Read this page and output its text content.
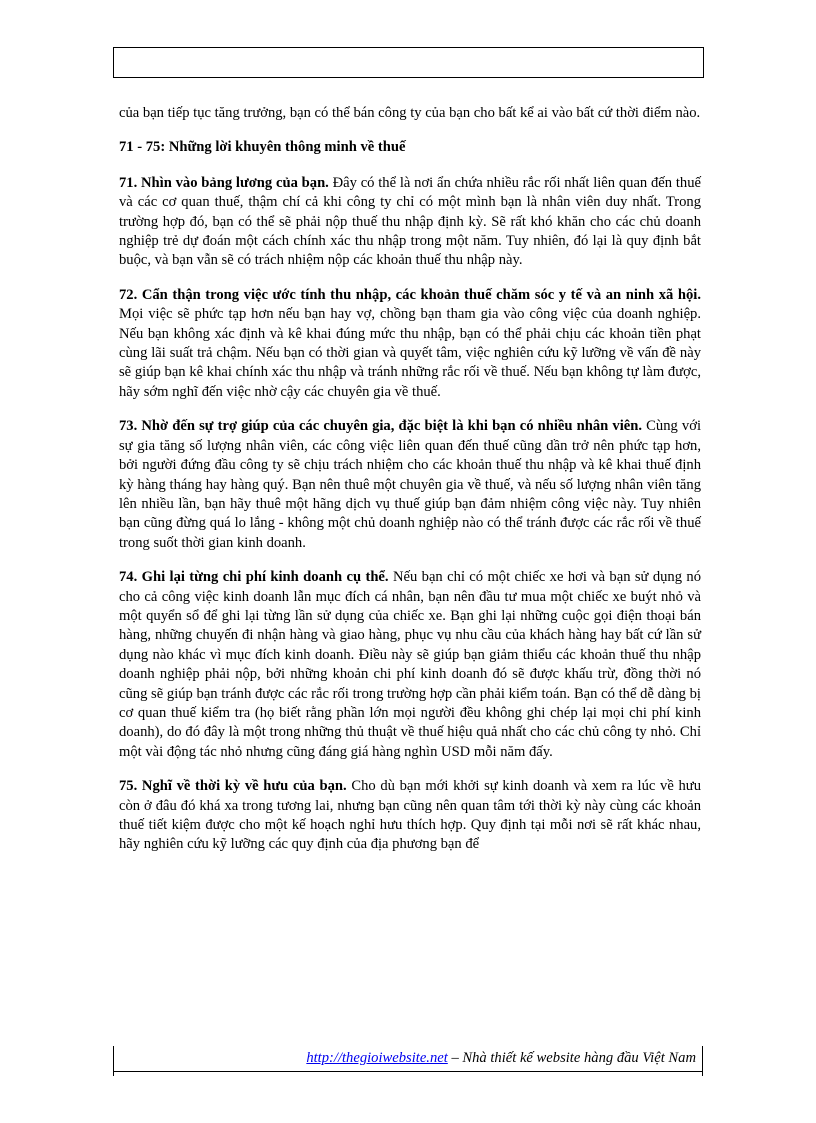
của bạn tiếp tục tăng trưởng, bạn có thể bán công ty của bạn cho bất kể ai vào bất cứ thời điểm nào.

71 - 75: Những lời khuyên thông minh về thuế

71. Nhìn vào bảng lương của bạn. Đây có thể là nơi ẩn chứa nhiều rắc rối nhất liên quan đến thuế và các cơ quan thuế, thậm chí cả khi công ty chỉ có một mình bạn là nhân viên duy nhất. Trong trường hợp đó, bạn có thể sẽ phải nộp thuế thu nhập định kỳ. Sẽ rất khó khăn cho các chủ doanh nghiệp trẻ dự đoán một cách chính xác thu nhập trong một năm. Tuy nhiên, đó lại là quy định bắt buộc, và bạn vẫn sẽ có trách nhiệm nộp các khoản thuế thu nhập này.

72. Cẩn thận trong việc ước tính thu nhập, các khoản thuế chăm sóc y tế và an ninh xã hội. Mọi việc sẽ phức tạp hơn nếu bạn hay vợ, chồng bạn tham gia vào công việc của doanh nghiệp. Nếu bạn không xác định và kê khai đúng mức thu nhập, bạn có thể phải chịu các khoản tiền phạt cùng lãi suất trả chậm. Nếu bạn có thời gian và quyết tâm, việc nghiên cứu kỹ lưỡng về vấn đề này sẽ giúp bạn kê khai chính xác thu nhập và tránh những rắc rối về thuế. Nếu bạn không tự làm được, hãy sớm nghĩ đến việc nhờ cậy các chuyên gia về thuế.

73. Nhờ đến sự trợ giúp của các chuyên gia, đặc biệt là khi bạn có nhiều nhân viên. Cùng với sự gia tăng số lượng nhân viên, các công việc liên quan đến thuế cũng dần trở nên phức tạp hơn, bởi người đứng đầu công ty sẽ chịu trách nhiệm cho các khoản thuế thu nhập và kê khai thuế định kỳ hàng tháng hay hàng quý. Bạn nên thuê một chuyên gia về thuế, và nếu số lượng nhân viên tăng lên nhiều lần, bạn hãy thuê một hãng dịch vụ thuế giúp bạn đảm nhiệm công việc này. Tuy nhiên bạn cũng đừng quá lo lắng - không một chủ doanh nghiệp nào có thể tránh được các rắc rối về thuế trong suốt thời gian kinh doanh.

74. Ghi lại từng chi phí kinh doanh cụ thể. Nếu bạn chỉ có một chiếc xe hơi và bạn sử dụng nó cho cả công việc kinh doanh lẫn mục đích cá nhân, bạn nên đầu tư mua một chiếc xe buýt nhỏ và một quyển sổ để ghi lại từng lần sử dụng của chiếc xe. Bạn ghi lại những cuộc gọi điện thoại bán hàng, những chuyến đi nhận hàng và giao hàng, phục vụ nhu cầu của khách hàng hay bất cứ lần sử dụng nào khác vì mục đích kinh doanh. Điều này sẽ giúp bạn giảm thiểu các khoản thuế thu nhập doanh nghiệp phải nộp, bởi những khoản chi phí kinh doanh đó sẽ được khấu trừ, đồng thời nó cũng sẽ giúp bạn tránh được các rắc rối trong trường hợp cần phải kiểm toán. Bạn có thể dễ dàng bị cơ quan thuế kiểm tra (họ biết rằng phần lớn mọi người đều không ghi chép lại mọi chi phí kinh doanh), do đó đây là một trong những thủ thuật về thuế hiệu quả nhất cho các chủ công ty nhỏ. Chỉ một vài động tác nhỏ nhưng cũng đáng giá hàng nghìn USD mỗi năm đấy.

75. Nghĩ về thời kỳ về hưu của bạn. Cho dù bạn mới khởi sự kinh doanh và xem ra lúc về hưu còn ở đâu đó khá xa trong tương lai, nhưng bạn cũng nên quan tâm tới thời kỳ này cùng các khoản thuế tiết kiệm được cho một kế hoạch nghỉ hưu thích hợp. Quy định tại mỗi nơi sẽ rất khác nhau, hãy nghiên cứu kỹ lưỡng các quy định của địa phương bạn để

http://thegioiwebsite.net – Nhà thiết kế website hàng đầu Việt Nam
